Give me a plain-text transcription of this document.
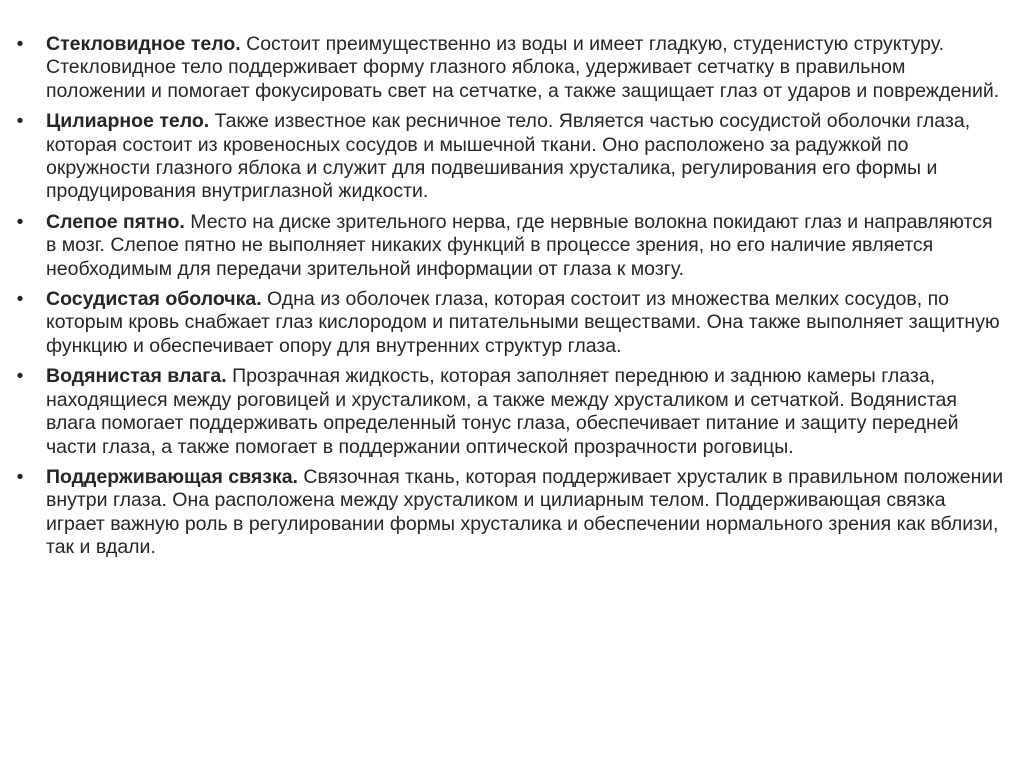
•	Стекловидное тело. Состоит преимущественно из воды и имеет гладкую, студенистую структуру. Стекловидное тело поддерживает форму глазного яблока, удерживает сетчатку в правильном положении и помогает фокусировать свет на сетчатке, а также защищает глаз от ударов и повреждений.
•	Цилиарное тело. Также известное как ресничное тело. Является частью сосудистой оболочки глаза, которая состоит из кровеносных сосудов и мышечной ткани. Оно расположено за радужкой по окружности глазного яблока и служит для подвешивания хрусталика, регулирования его формы и продуцирования внутриглазной жидкости.
•	Слепое пятно. Место на диске зрительного нерва, где нервные волокна покидают глаз и направляются в мозг. Слепое пятно не выполняет никаких функций в процессе зрения, но его наличие является необходимым для передачи зрительной информации от глаза к мозгу.
•	Сосудистая оболочка. Одна из оболочек глаза, которая состоит из множества мелких сосудов, по которым кровь снабжает глаз кислородом и питательными веществами. Она также выполняет защитную функцию и обеспечивает опору для внутренних структур глаза.
•	Водянистая влага. Прозрачная жидкость, которая заполняет переднюю и заднюю камеры глаза, находящиеся между роговицей и хрусталиком, а также между хрусталиком и сетчаткой. Водянистая влага помогает поддерживать определенный тонус глаза, обеспечивает питание и защиту передней части глаза, а также помогает в поддержании оптической прозрачности роговицы.
•	Поддерживающая связка. Связочная ткань, которая поддерживает хрусталик в правильном положении внутри глаза. Она расположена между хрусталиком и цилиарным телом. Поддерживающая связка играет важную роль в регулировании формы хрусталика и обеспечении нормального зрения как вблизи, так и вдали.
